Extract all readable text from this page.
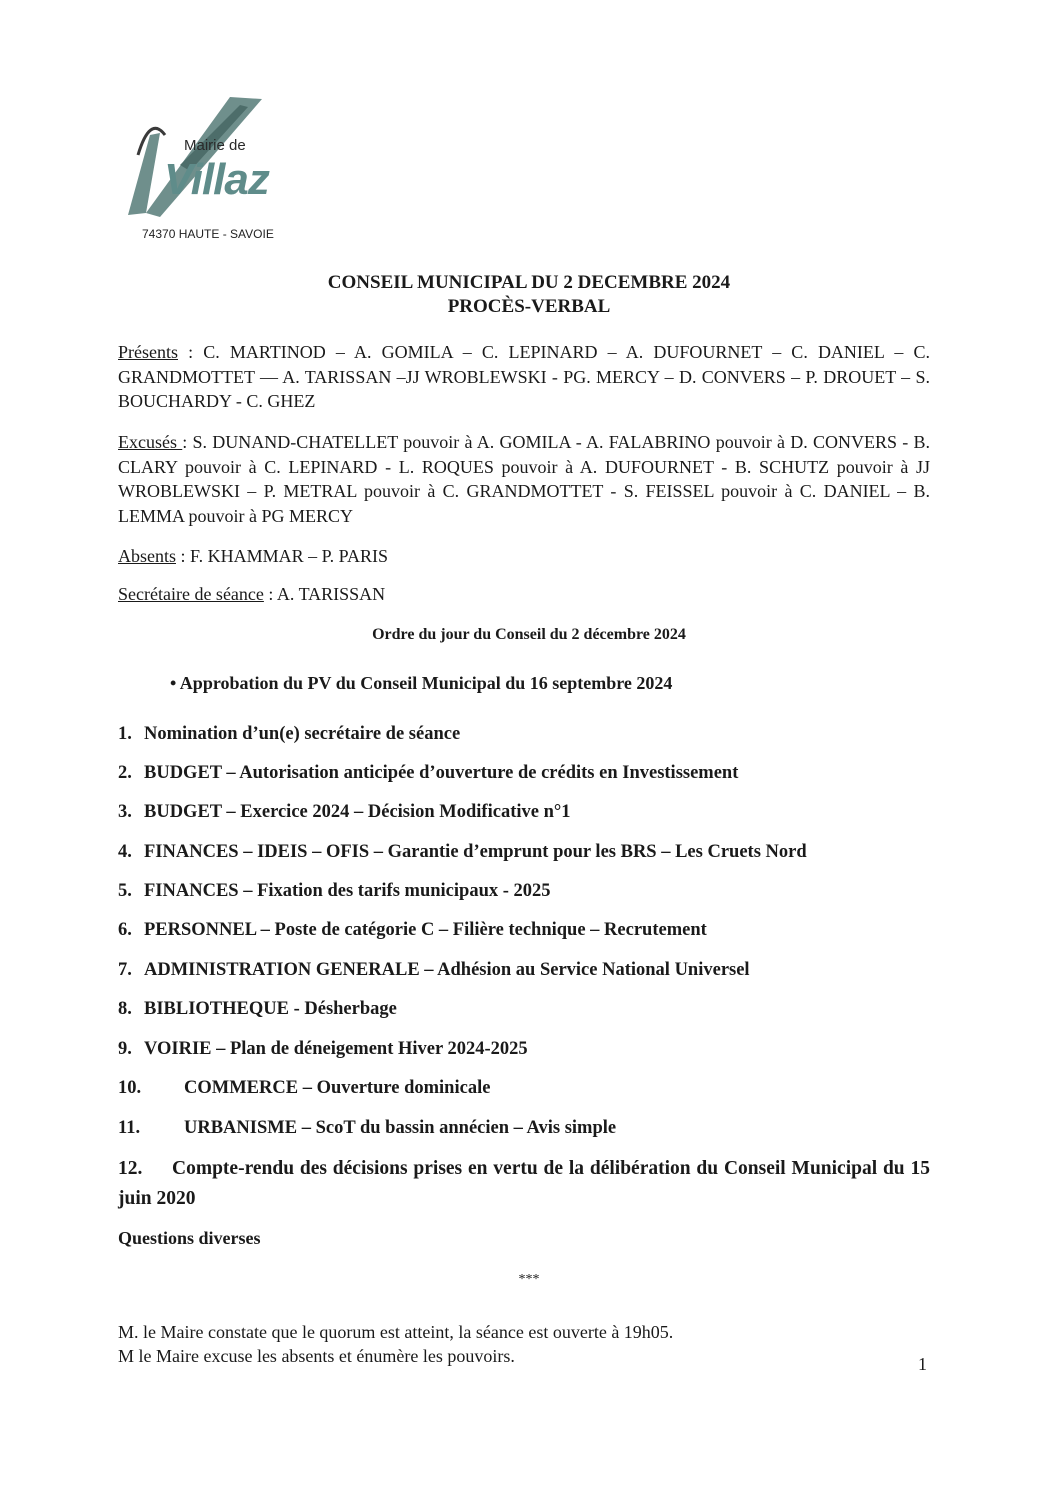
Mairie de
Villaz
74370 HAUTE - SAVOIE
CONSEIL MUNICIPAL DU 2 DECEMBRE 2024
PROCÈS-VERBAL
Présents : C. MARTINOD – A. GOMILA – C. LEPINARD – A. DUFOURNET – C. DANIEL – C. GRANDMOTTET — A. TARISSAN –JJ WROBLEWSKI - PG. MERCY – D. CONVERS – P. DROUET – S. BOUCHARDY - C. GHEZ
Excusés : S. DUNAND-CHATELLET pouvoir à A. GOMILA - A. FALABRINO pouvoir à D. CONVERS - B. CLARY pouvoir à C. LEPINARD - L. ROQUES pouvoir à A. DUFOURNET - B. SCHUTZ pouvoir à JJ WROBLEWSKI – P. METRAL pouvoir à C. GRANDMOTTET - S. FEISSEL pouvoir à C. DANIEL – B. LEMMA pouvoir à PG MERCY
Absents : F. KHAMMAR – P. PARIS
Secrétaire de séance : A. TARISSAN
Ordre du jour du Conseil du 2 décembre 2024
• Approbation du PV du Conseil Municipal du 16 septembre 2024
1. Nomination d’un(e) secrétaire de séance
2. BUDGET – Autorisation anticipée d’ouverture de crédits en Investissement
3. BUDGET – Exercice 2024 – Décision Modificative n°1
4. FINANCES – IDEIS – OFIS – Garantie d’emprunt pour les BRS – Les Cruets Nord
5. FINANCES – Fixation des tarifs municipaux - 2025
6. PERSONNEL – Poste de catégorie C – Filière technique – Recrutement
7. ADMINISTRATION GENERALE – Adhésion au Service National Universel
8. BIBLIOTHEQUE - Désherbage
9. VOIRIE – Plan de déneigement Hiver 2024-2025
10. COMMERCE – Ouverture dominicale
11. URBANISME – ScoT du bassin annécien – Avis simple
12. Compte-rendu des décisions prises en vertu de la délibération du Conseil Municipal du 15 juin 2020
Questions diverses
***
M. le Maire constate que le quorum est atteint, la séance est ouverte à 19h05.
M le Maire excuse les absents et énumère les pouvoirs.	1
